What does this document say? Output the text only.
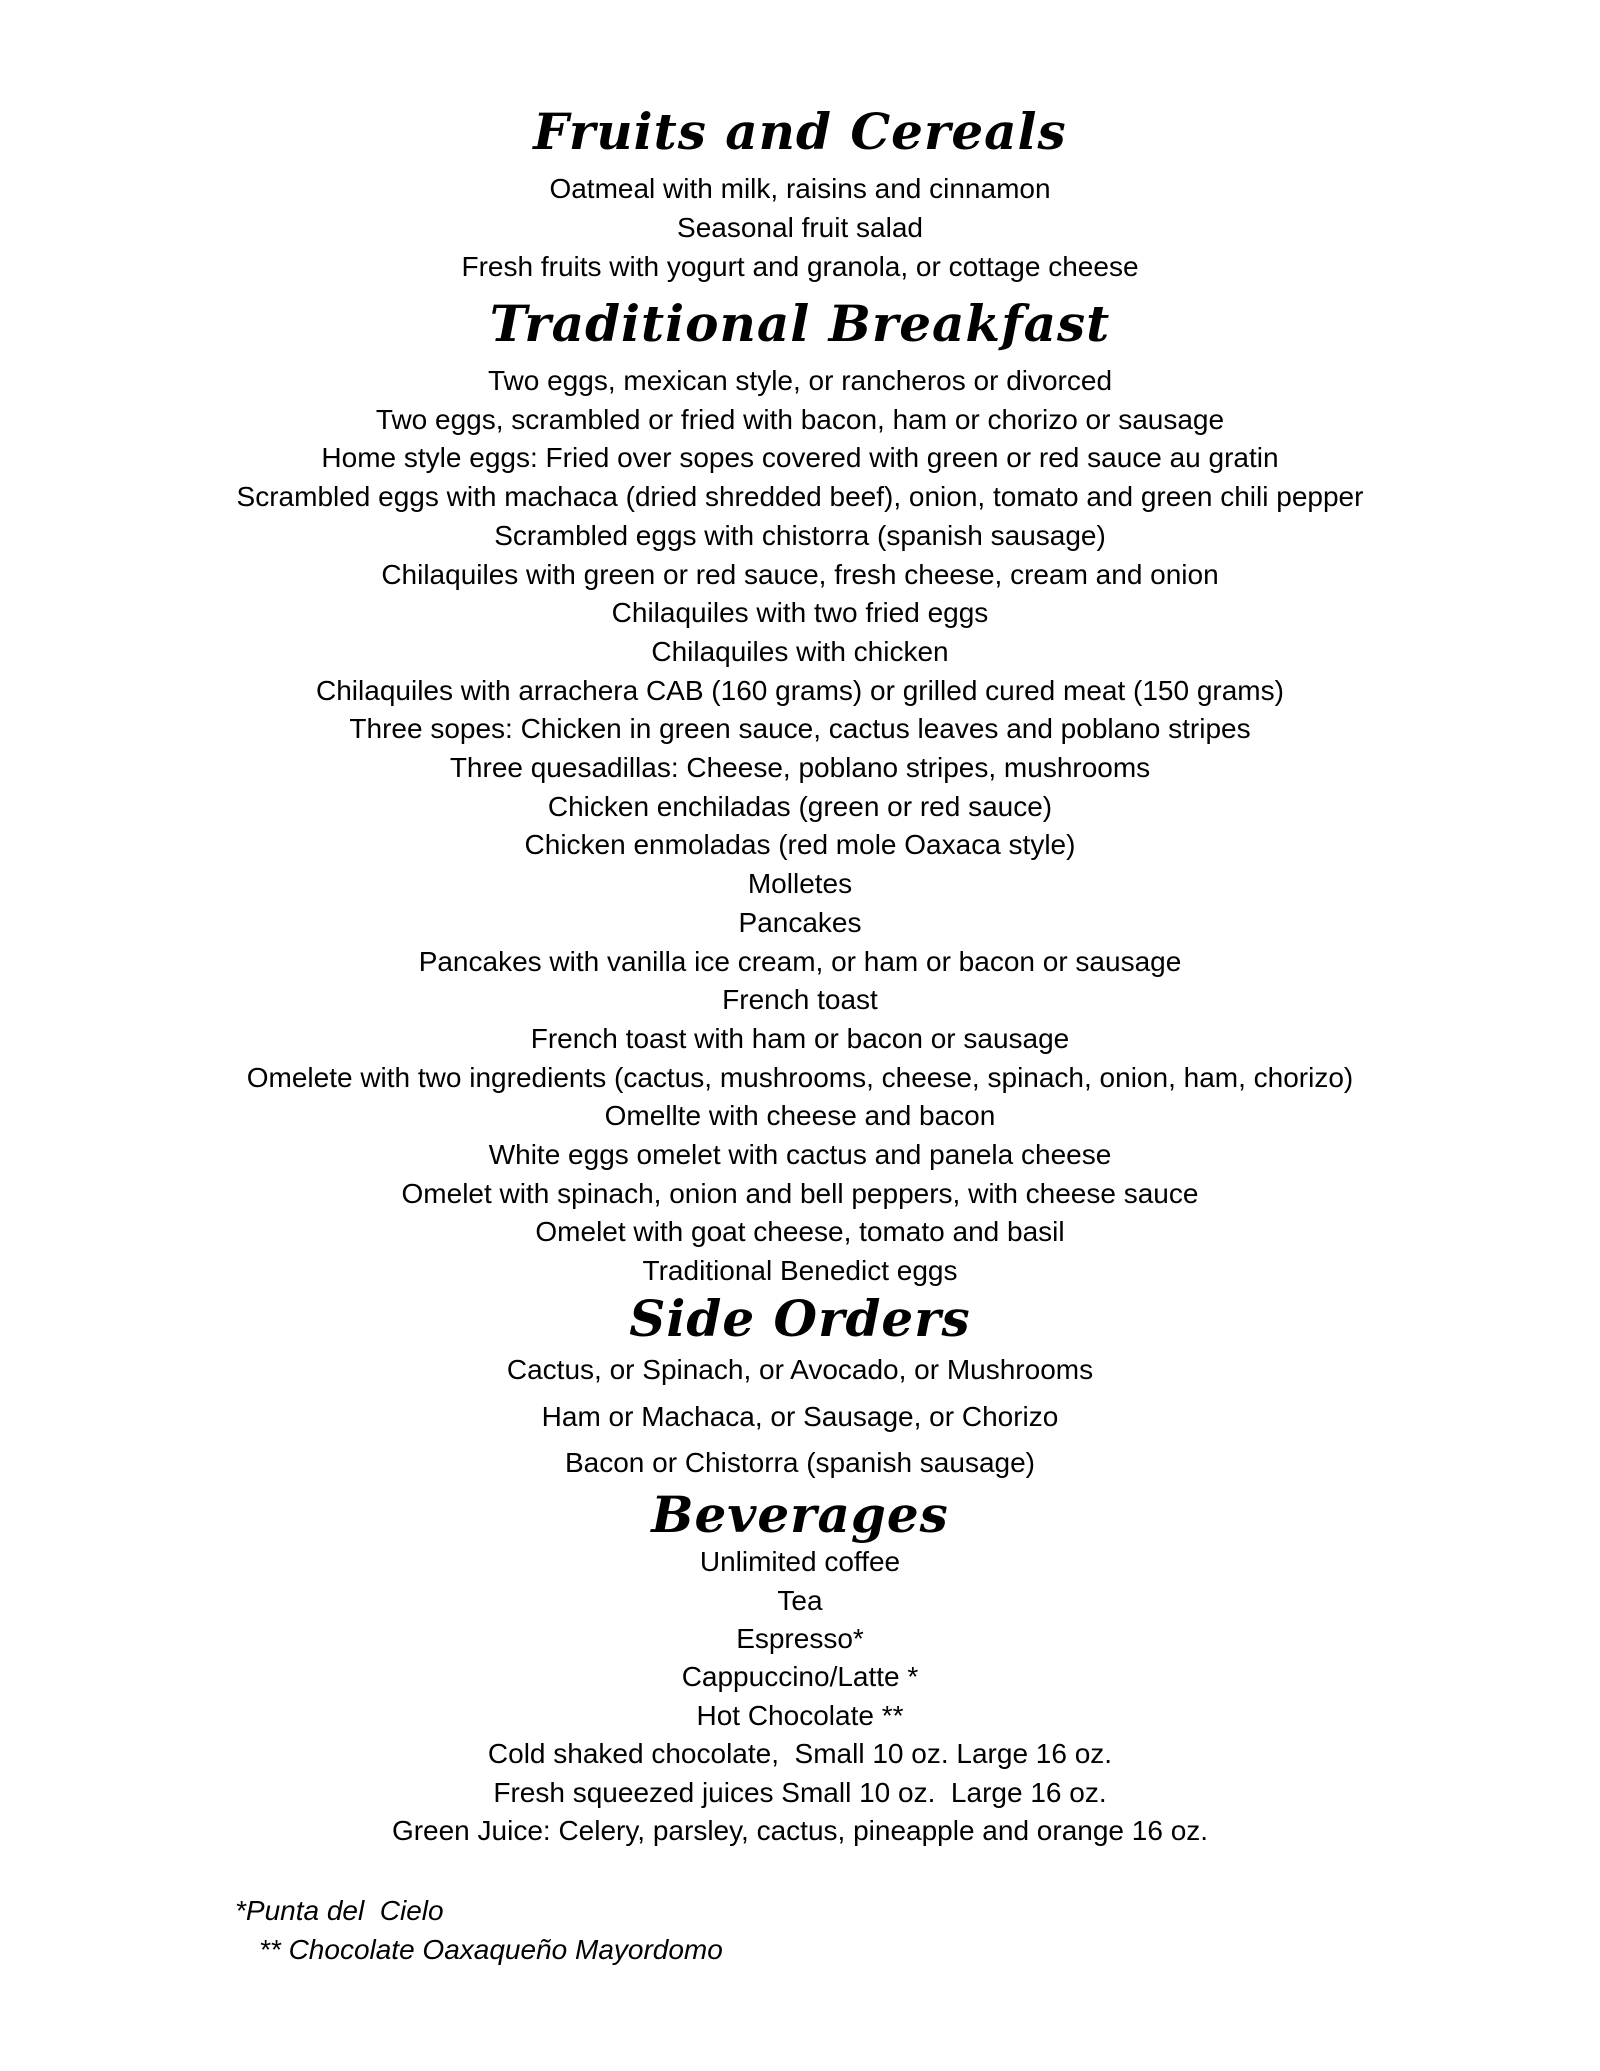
Fruits and Cereals
Oatmeal with milk, raisins and cinnamon
Seasonal fruit salad
Fresh fruits with yogurt and granola, or cottage cheese
Traditional Breakfast
Two eggs, mexican style, or rancheros or divorced
Two eggs, scrambled or fried with bacon, ham or chorizo or sausage
Home style eggs: Fried over sopes covered with green or red sauce au gratin
Scrambled eggs with machaca (dried shredded beef), onion, tomato and green chili pepper
Scrambled eggs with chistorra (spanish sausage)
Chilaquiles with green or red sauce, fresh cheese, cream and onion
Chilaquiles with two fried eggs
Chilaquiles with chicken
Chilaquiles with arrachera CAB (160 grams) or grilled cured meat (150 grams)
Three sopes: Chicken in green sauce, cactus leaves and poblano stripes
Three quesadillas: Cheese, poblano stripes, mushrooms
Chicken enchiladas (green or red sauce)
Chicken enmoladas (red mole Oaxaca style)
Molletes
Pancakes
Pancakes with vanilla ice cream, or ham or bacon or sausage
French toast
French toast with ham or bacon or sausage
Omelete with two ingredients (cactus, mushrooms, cheese, spinach, onion, ham, chorizo)
Omellte with cheese and bacon
White eggs omelet with cactus and panela cheese
Omelet with spinach, onion and bell peppers, with cheese sauce
Omelet with goat cheese, tomato and basil
Traditional Benedict eggs
Side Orders
Cactus, or Spinach, or Avocado, or Mushrooms
Ham or Machaca, or Sausage, or Chorizo
Bacon or Chistorra (spanish sausage)
Beverages
Unlimited coffee
Tea
Espresso*
Cappuccino/Latte *
Hot Chocolate **
Cold shaked chocolate,  Small 10 oz. Large 16 oz.
Fresh squeezed juices Small 10 oz.  Large 16 oz.
Green Juice: Celery, parsley, cactus, pineapple and orange 16 oz.
*Punta del  Cielo
** Chocolate Oaxaqueño Mayordomo
